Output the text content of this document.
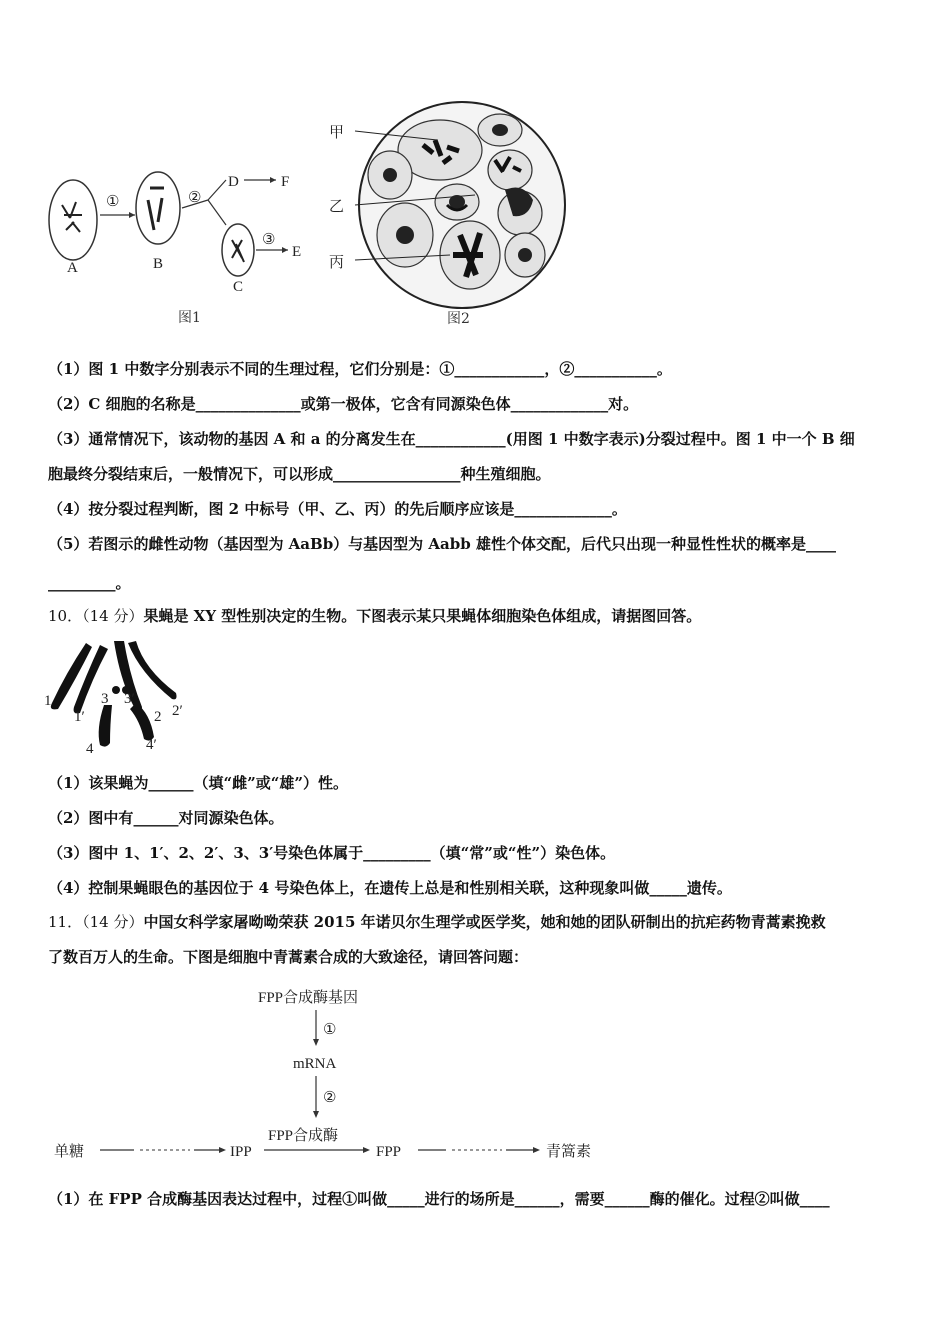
A
①
B
②
D	F
C
③
E
图1
甲
乙
丙
图2
（1）图 1 中数字分别表示不同的生理过程，它们分别是：①____________，②___________。
（2）C 细胞的名称是______________或第一极体，它含有同源染色体_____________对。
（3）通常情况下，该动物的基因 A 和 a 的分离发生在____________(用图 1 中数字表示)分裂过程中。图 1 中一个 B 细
胞最终分裂结束后，一般情况下，可以形成_________________种生殖细胞。
（4）按分裂过程判断，图 2 中标号（甲、乙、丙）的先后顺序应该是_____________。
（5）若图示的雌性动物（基因型为 AaBb）与基因型为 Aabb 雄性个体交配，后代只出现一种显性性状的概率是____
_________。
10．（14 分）果蝇是 XY 型性别决定的生物。下图表示某只果蝇体细胞染色体组成，请据图回答。
1
1′
3 3′
2 2′
4	4′
（1）该果蝇为______（填“雌”或“雄”）性。
（2）图中有______对同源染色体。
（3）图中 1、1′、2、2′、3、3′号染色体属于_________（填“常”或“性”）染色体。
（4）控制果蝇眼色的基因位于 4 号染色体上，在遗传上总是和性别相关联，这种现象叫做_____遗传。
11．（14 分）中国女科学家屠呦呦荣获 2015 年诺贝尔生理学或医学奖，她和她的团队研制出的抗疟药物青蒿素挽救
了数百万人的生命。下图是细胞中青蒿素合成的大致途径，请回答问题：
FPP合成酶基因
①
mRNA
②
FPP合成酶
单糖	IPP	FPP	青篙素
（1）在 FPP 合成酶基因表达过程中，过程①叫做_____进行的场所是______，需要______酶的催化。过程②叫做____
